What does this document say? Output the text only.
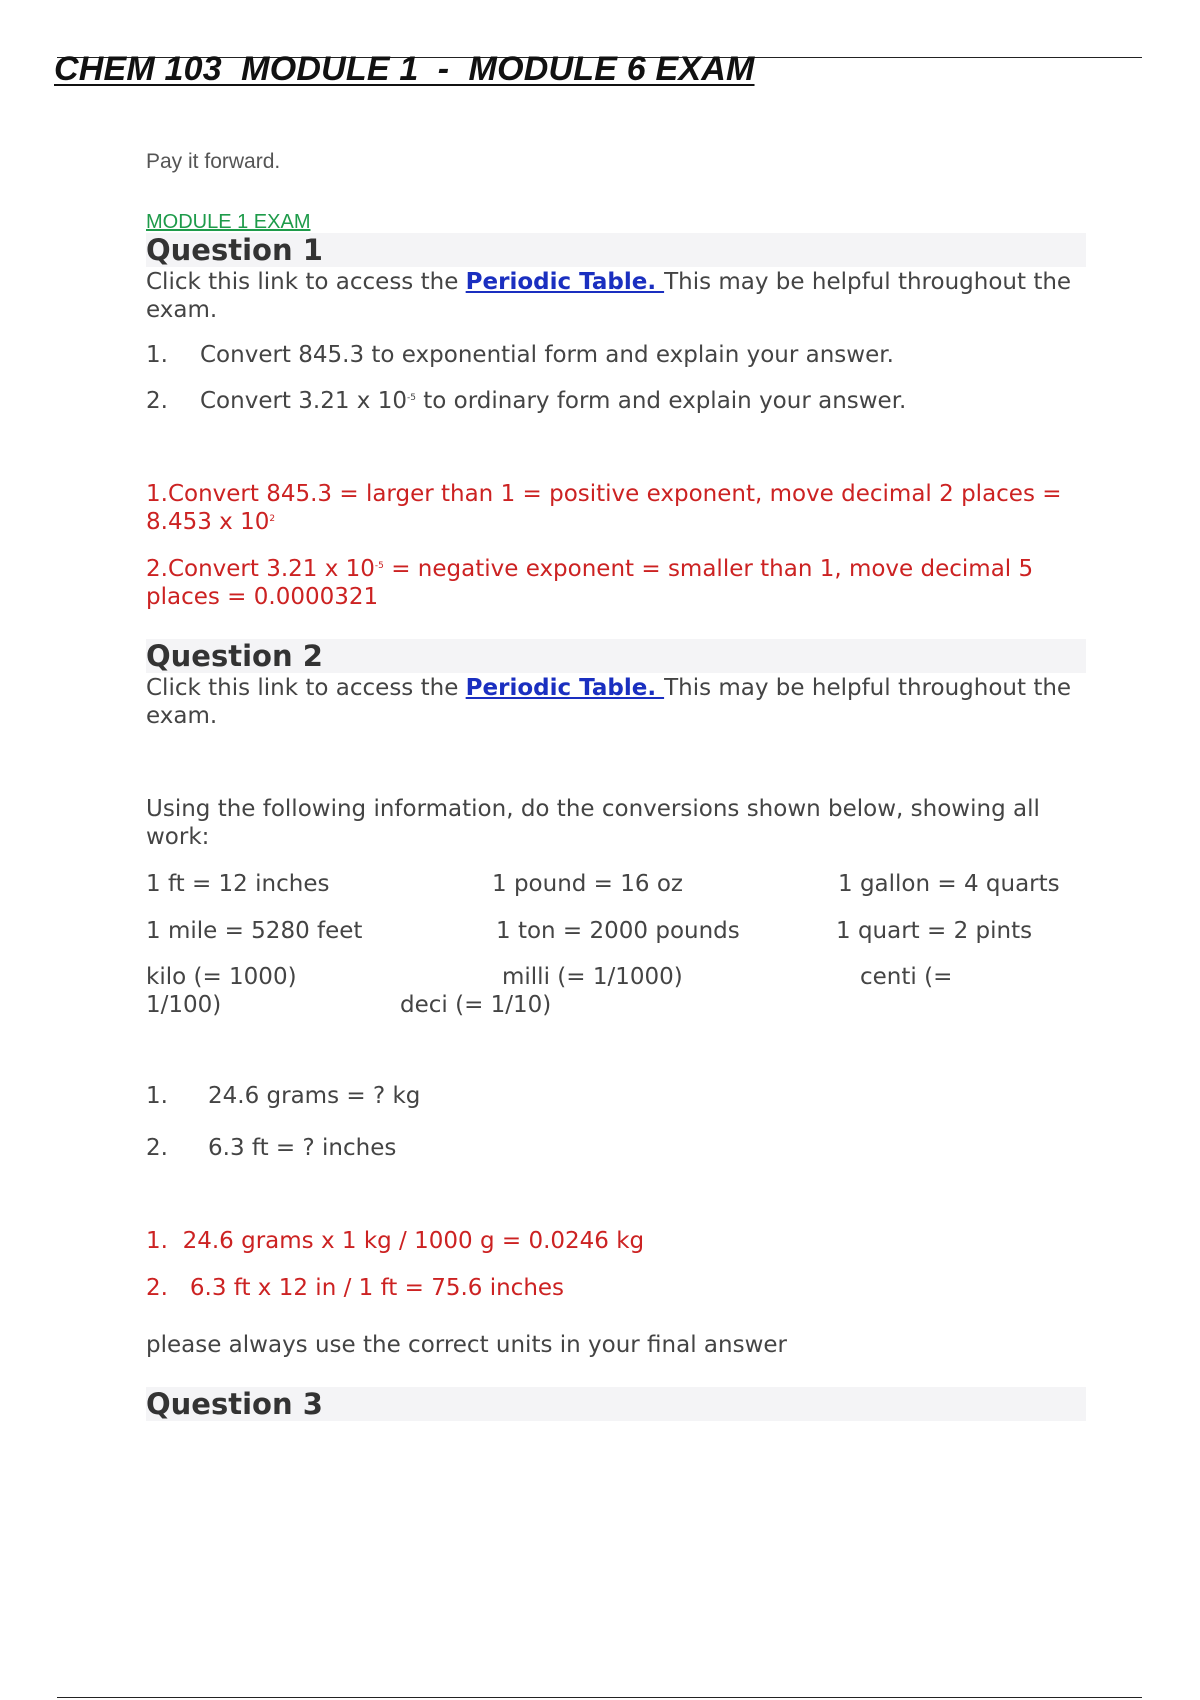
CHEM 103  MODULE 1  -  MODULE 6 EXAM

Pay it forward.

MODULE 1 EXAM
Question 1

Click this link to access the Periodic Table. This may be helpful throughout the exam.

1. Convert 845.3 to exponential form and explain your answer.

2. Convert 3.21 x $10^{-5}$ to ordinary form and explain your answer.

1.Convert 845.3 = larger than 1 = positive exponent, move decimal 2 places = 8.453 x $10^2$

2.Convert 3.21 x $10^{-5}$ = negative exponent = smaller than 1, move decimal 5 places = 0.0000321

Question 2

Click this link to access the Periodic Table. This may be helpful throughout the exam.

Using the following information, do the conversions shown below, showing all work:

1 ft = 12 inches	1 pound = 16 oz	1 gallon = 4 quarts
1 mile = 5280 feet	1 ton = 2000 pounds	1 quart = 2 pints
kilo (= 1000)	milli (= 1/1000)	centi (=
1/100)	deci (= 1/10)

1. 24.6 grams = ? kg

2. 6.3 ft = ? inches

1. 24.6 grams x 1 kg / 1000 g = 0.0246 kg

2. 6.3 ft x 12 in / 1 ft = 75.6 inches

please always use the correct units in your final answer

Question 3
